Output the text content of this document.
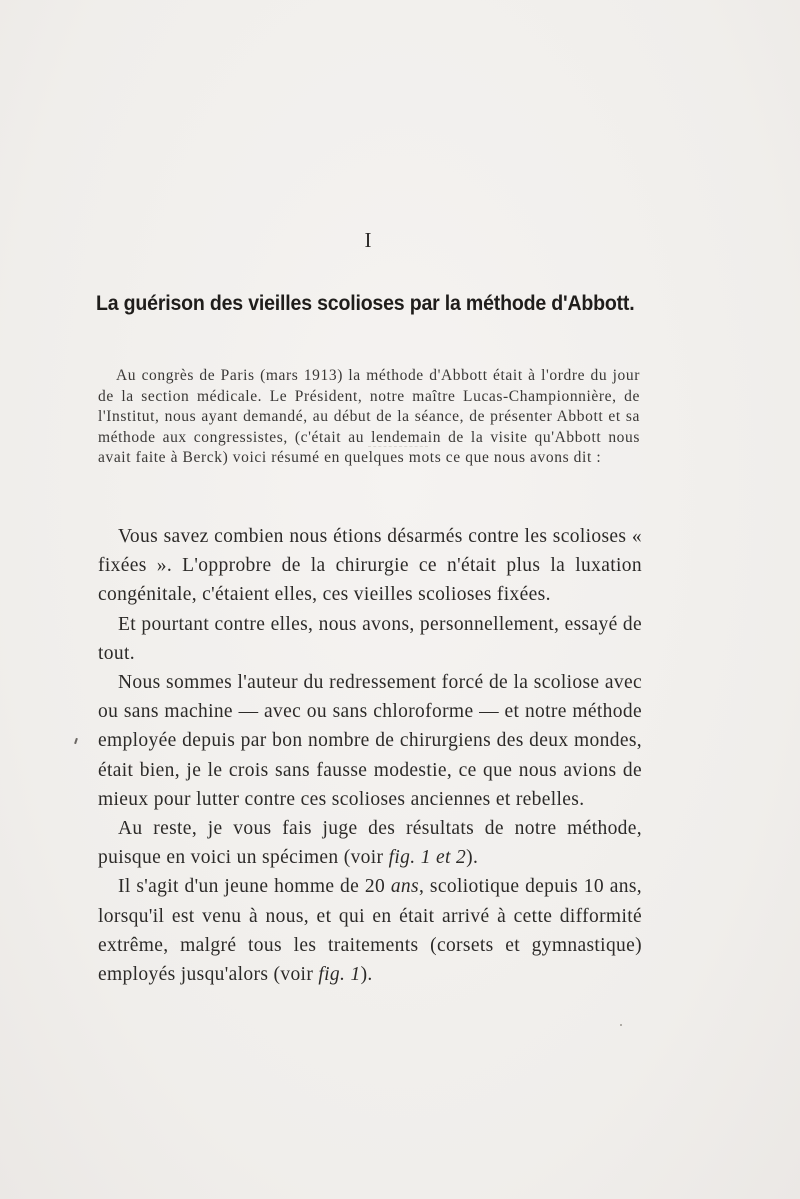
I
La guérison des vieilles scolioses par la méthode d'Abbott.

Au congrès de Paris (mars 1913) la méthode d'Abbott était à l'ordre du jour de la section médicale. Le Président, notre maître Lucas-Championnière, de l'Institut, nous ayant demandé, au début de la séance, de présenter Abbott et sa méthode aux congressistes, (c'était au lendemain de la visite qu'Abbott nous avait faite à Berck) voici résumé en quelques mots ce que nous avons dit :

Vous savez combien nous étions désarmés contre les scolioses « fixées ». L'opprobre de la chirurgie ce n'était plus la luxation congénitale, c'étaient elles, ces vieilles scolioses fixées.

Et pourtant contre elles, nous avons, personnellement, essayé de tout.

Nous sommes l'auteur du redressement forcé de la scoliose avec ou sans machine — avec ou sans chloroforme — et notre méthode employée depuis par bon nombre de chirurgiens des deux mondes, était bien, je le crois sans fausse modestie, ce que nous avions de mieux pour lutter contre ces scolioses anciennes et rebelles.

Au reste, je vous fais juge des résultats de notre méthode, puisque en voici un spécimen (voir fig. 1 et 2).

Il s'agit d'un jeune homme de 20 ans, scoliotique depuis 10 ans, lorsqu'il est venu à nous, et qui en était arrivé à cette difformité extrême, malgré tous les traitements (corsets et gymnastique) employés jusqu'alors (voir fig. 1).
